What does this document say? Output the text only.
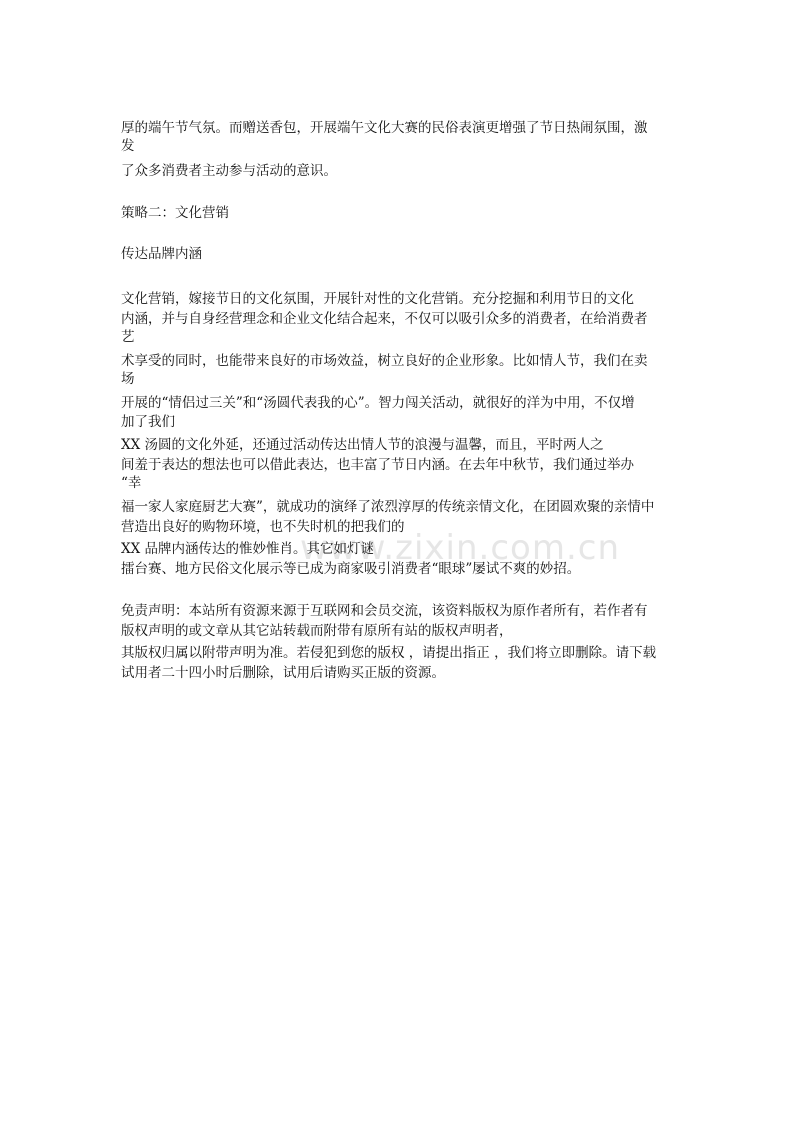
www.zixin.com.cn
厚的端午节气氛。而赠送香包，开展端午文化大赛的民俗表演更增强了节日热闹氛围，激
发
了众多消费者主动参与活动的意识。
策略二：文化营销
传达品牌内涵
文化营销，嫁接节日的文化氛围，开展针对性的文化营销。充分挖掘和利用节日的文化
内涵，并与自身经营理念和企业文化结合起来，不仅可以吸引众多的消费者，在给消费者
艺
术享受的同时，也能带来良好的市场效益，树立良好的企业形象。比如情人节，我们在卖
场
开展的“情侣过三关”和“汤圆代表我的心”。智力闯关活动，就很好的洋为中用，不仅增
加了我们
XX 汤圆的文化外延，还通过活动传达出情人节的浪漫与温馨，而且，平时两人之
间羞于表达的想法也可以借此表达，也丰富了节日内涵。在去年中秋节，我们通过举办
“幸
福一家人家庭厨艺大赛”，就成功的演绎了浓烈淳厚的传统亲情文化，在团圆欢聚的亲情中
营造出良好的购物环境，也不失时机的把我们的
XX 品牌内涵传达的惟妙惟肖。其它如灯谜
擂台赛、地方民俗文化展示等已成为商家吸引消费者“眼球”屡试不爽的妙招。
免责声明：本站所有资源来源于互联网和会员交流，该资料版权为原作者所有，若作者有
版权声明的或文章从其它站转载而附带有原所有站的版权声明者，
其版权归属以附带声明为准。若侵犯到您的版权 ，请提出指正 ，我们将立即删除。请下载
试用者二十四小时后删除，试用后请购买正版的资源。
